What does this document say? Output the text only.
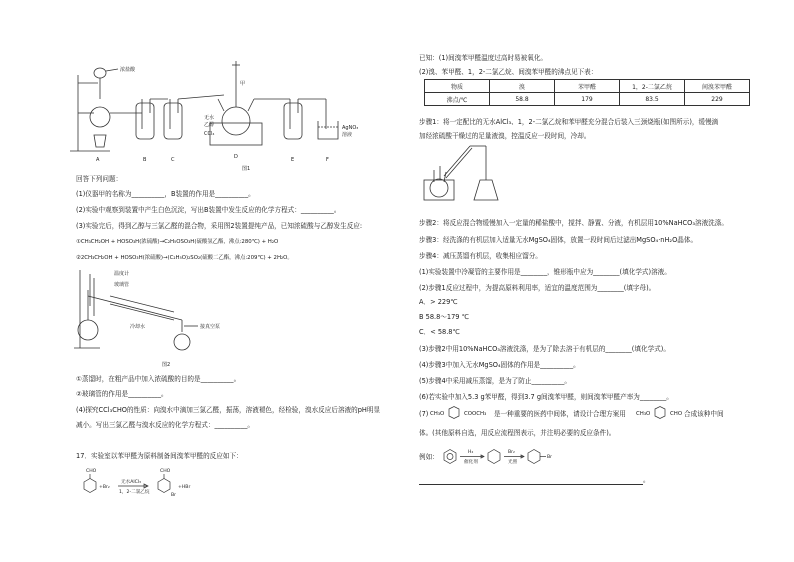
浓盐酸
甲
无水
乙醇
CCl₄
AgNO₃
溶液
A	B	C	D	E	F
图1
回答下列问题：
(1)仪器甲的名称为__________，B装置的作用是__________。
(2)实验中观察到装置中产生白色沉淀，写出B装置中发生反应的化学方程式：__________。
(3)实验完后，得到乙醇与三氯乙醛的混合物，采用图2装置提纯产品，已知浓硫酸与乙醇发生反应:
①CH₃CH₂OH + HOSO₃H(浓硫酸)→C₂H₅OSO₃H(硫酸氢乙酯，沸点:280℃) + H₂O
②2CH₃CH₂OH + HOSO₃H(浓硫酸)→(C₂H₅O)₂SO₂(硫酸二乙酯，沸点:209℃) + 2H₂O。
温度计
玻璃管
冷却水	接真空泵
图2
①蒸馏时，在粗产品中加入浓硫酸的目的是__________。
②玻璃管的作用是__________。
(4)探究CCl₃CHO的性质：向溴水中滴加三氯乙醛，振荡，溶液褪色，经检验，溴水反应后溶液的pH明显
减小。写出三氯乙醛与溴水反应的化学方程式：__________。
17．实验室以苯甲醛为原料制备间溴苯甲醛的反应如下：
CHO
+Br₂
无水AlCl₃
1，2-二氯乙烷
CHO
Br
+HBr
已知：(1)间溴苯甲醛温度过高时易被氧化。
(2)溴、苯甲醛、1，2-二氯乙烷、间溴苯甲醛的沸点见下表：
物质	溴	苯甲醛	1，2-二氯乙烷	间溴苯甲醛
沸点/℃	58.8	179	83.5	229
步骤1：将一定配比的无水AlCl₃、1，2-二氯乙烷和苯甲醛充分混合后装入三颈烧瓶(如图所示)，缓慢滴
加经浓硫酸干燥过的足量液溴，控温反应一段时间，冷却。
步骤2：将反应混合物缓慢加入一定量的稀盐酸中，搅拌、静置、分液，有机层用10%NaHCO₃溶液洗涤。
步骤3：经洗涤的有机层加入适量无水MgSO₄固体，放置一段时间后过滤出MgSO₄·nH₂O晶体。
步骤4：减压蒸馏有机层，收集相应馏分。
(1)实验装置中冷凝管的主要作用是________，锥形瓶中应为________(填化学式)溶液。
(2)步骤1反应过程中，为提高原料利用率，适宜的温度范围为________(填字母)。
A．> 229℃
B 58.8～179 ℃
C．< 58.8℃
(3)步骤2中用10%NaHCO₃溶液洗涤，是为了除去溶于有机层的________(填化学式)。
(4)步骤3中加入无水MgSO₄固体的作用是__________。
(5)步骤4中采用减压蒸馏，是为了防止__________。
(6)若实验中加入5.3 g苯甲醛，得到3.7 g间溴苯甲醛，则间溴苯甲醛产率为________。
(7) CH₃O	COOCH₃ 是一种重要的医药中间体，请设计合理方案用 CH₃O	CHO 合成该种中间
体。(其他原料自选，用反应流程图表示，并注明必要的反应条件)。
例如：
H₂
催化剂
Br₂
光照
Br
。
